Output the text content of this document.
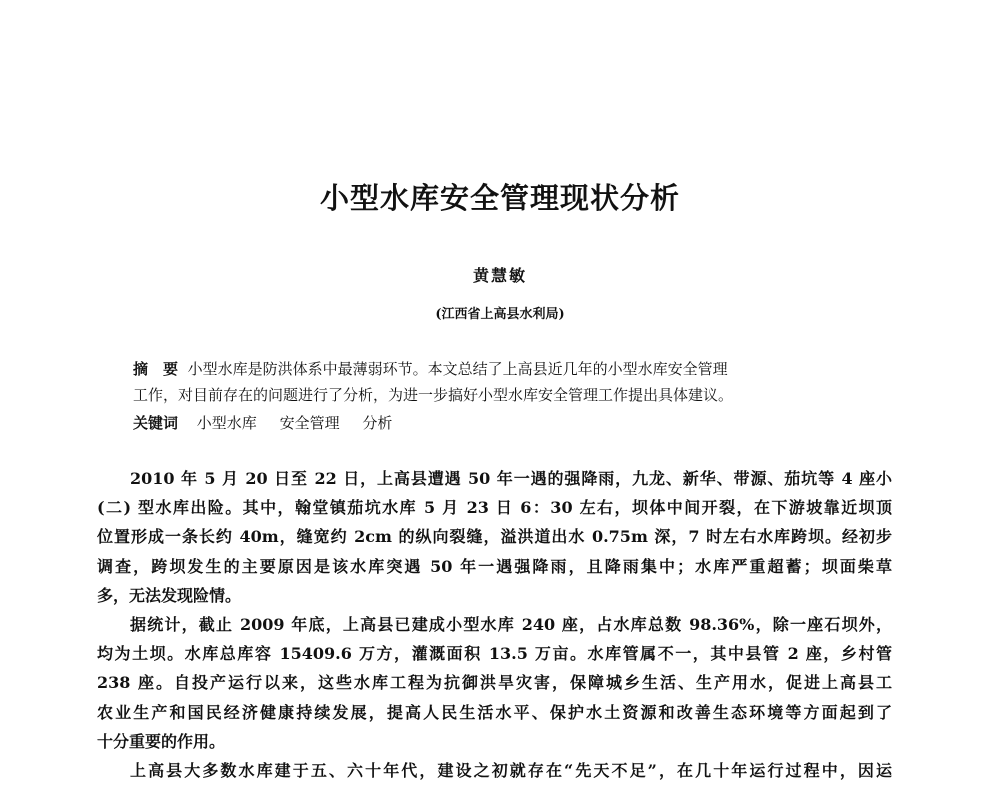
小型水库安全管理现状分析
黄慧敏
(江西省上高县水利局)
摘　要 小型水库是防洪体系中最薄弱环节。本文总结了上高县近几年的小型水库安全管理
工作，对目前存在的问题进行了分析，为进一步搞好小型水库安全管理工作提出具体建议。
关键词 小型水库 安全管理 分析
2010 年 5 月 20 日至 22 日，上高县遭遇 50 年一遇的强降雨，九龙、新华、带源、茄坑等 4 座小
(二) 型水库出险。其中，翰堂镇茄坑水库 5 月 23 日 6：30 左右，坝体中间开裂，在下游坡靠近坝顶
位置形成一条长约 40m，缝宽约 2cm 的纵向裂缝，溢洪道出水 0.75m 深，7 时左右水库跨坝。经初步
调查，跨坝发生的主要原因是该水库突遇 50 年一遇强降雨，且降雨集中；水库严重超蓄；坝面柴草
多，无法发现险情。
据统计，截止 2009 年底，上高县已建成小型水库 240 座，占水库总数 98.36%，除一座石坝外，
均为土坝。水库总库容 15409.6 万方，灌溉面积 13.5 万亩。水库管属不一，其中县管 2 座，乡村管
238 座。自投产运行以来，这些水库工程为抗御洪旱灾害，保障城乡生活、生产用水，促进上高县工
农业生产和国民经济健康持续发展，提高人民生活水平、保护水土资源和改善生态环境等方面起到了
十分重要的作用。
上高县大多数水库建于五、六十年代，建设之初就存在“先天不足”，在几十年运行过程中，因运
